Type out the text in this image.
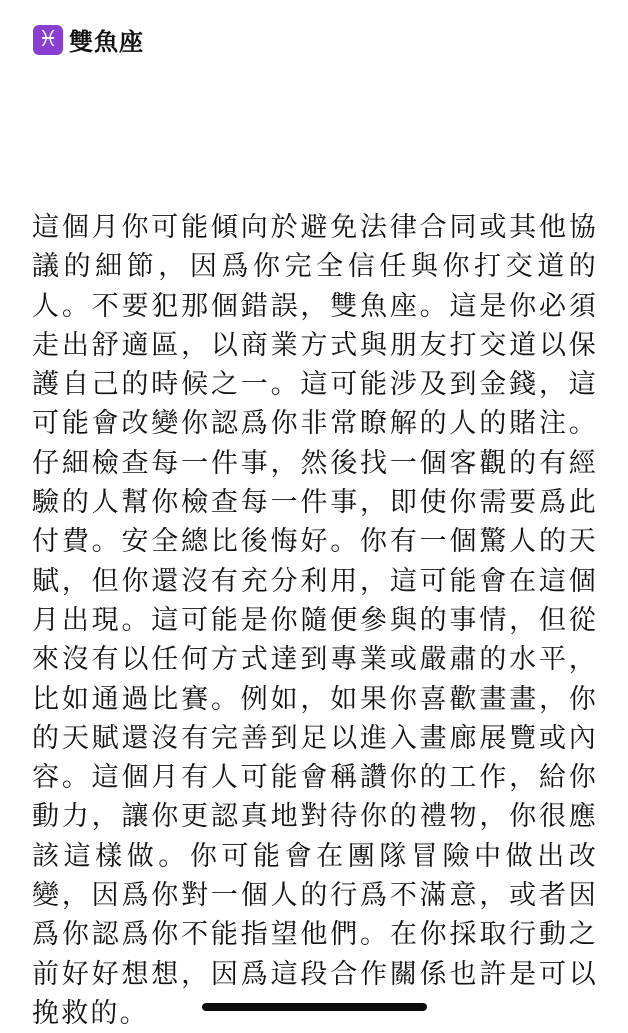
♓ 雙魚座

這個月你可能傾向於避免法律合同或其他協議的細節，因爲你完全信任與你打交道的人。不要犯那個錯誤，雙魚座。這是你必須走出舒適區，以商業方式與朋友打交道以保護自己的時候之一。這可能涉及到金錢，這可能會改變你認爲你非常瞭解的人的賭注。仔細檢查每一件事，然後找一個客觀的有經驗的人幫你檢查每一件事，即使你需要爲此付費。安全總比後悔好。你有一個驚人的天賦，但你還沒有充分利用，這可能會在這個月出現。這可能是你隨便參與的事情，但從來沒有以任何方式達到專業或嚴肅的水平，比如通過比賽。例如，如果你喜歡畫畫，你的天賦還沒有完善到足以進入畫廊展覽或內容。這個月有人可能會稱讚你的工作，給你動力，讓你更認真地對待你的禮物，你很應該這樣做。你可能會在團隊冒險中做出改變，因爲你對一個人的行爲不滿意，或者因爲你認爲你不能指望他們。在你採取行動之前好好想想，因爲這段合作關係也許是可以挽救的。
